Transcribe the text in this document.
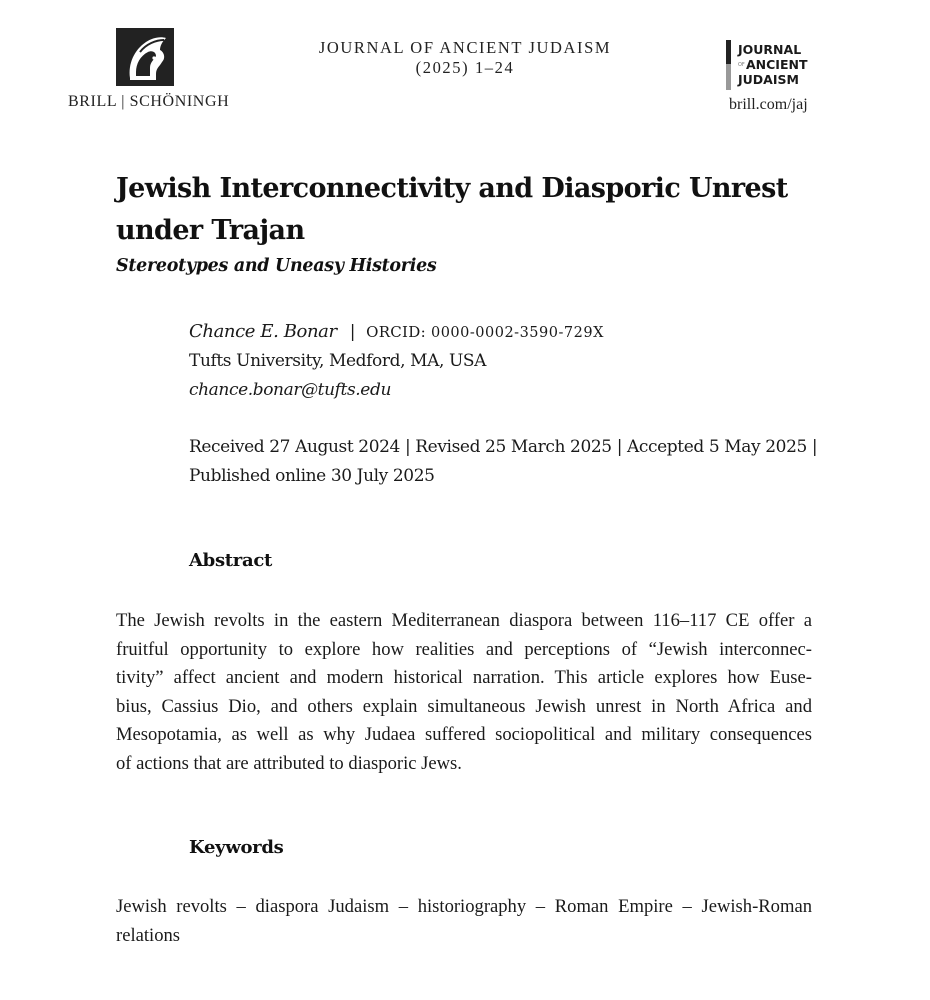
BRILL | SCHÖNINGH
JOURNAL OF ANCIENT JUDAISM
(2025) 1–24
JOURNAL
OF ANCIENT
JUDAISM
brill.com/jaj
Jewish Interconnectivity and Diasporic Unrest under Trajan
Stereotypes and Uneasy Histories
Chance E. Bonar | ORCID: 0000-0002-3590-729X
Tufts University, Medford, MA, USA
chance.bonar@tufts.edu
Received 27 August 2024 | Revised 25 March 2025 | Accepted 5 May 2025 |
Published online 30 July 2025
Abstract
The Jewish revolts in the eastern Mediterranean diaspora between 116–117 CE offer a
fruitful opportunity to explore how realities and perceptions of “Jewish interconnec-
tivity” affect ancient and modern historical narration. This article explores how Euse-
bius, Cassius Dio, and others explain simultaneous Jewish unrest in North Africa and
Mesopotamia, as well as why Judaea suffered sociopolitical and military consequences
of actions that are attributed to diasporic Jews.
Keywords
Jewish revolts – diaspora Judaism – historiography – Roman Empire – Jewish-Roman
relations
